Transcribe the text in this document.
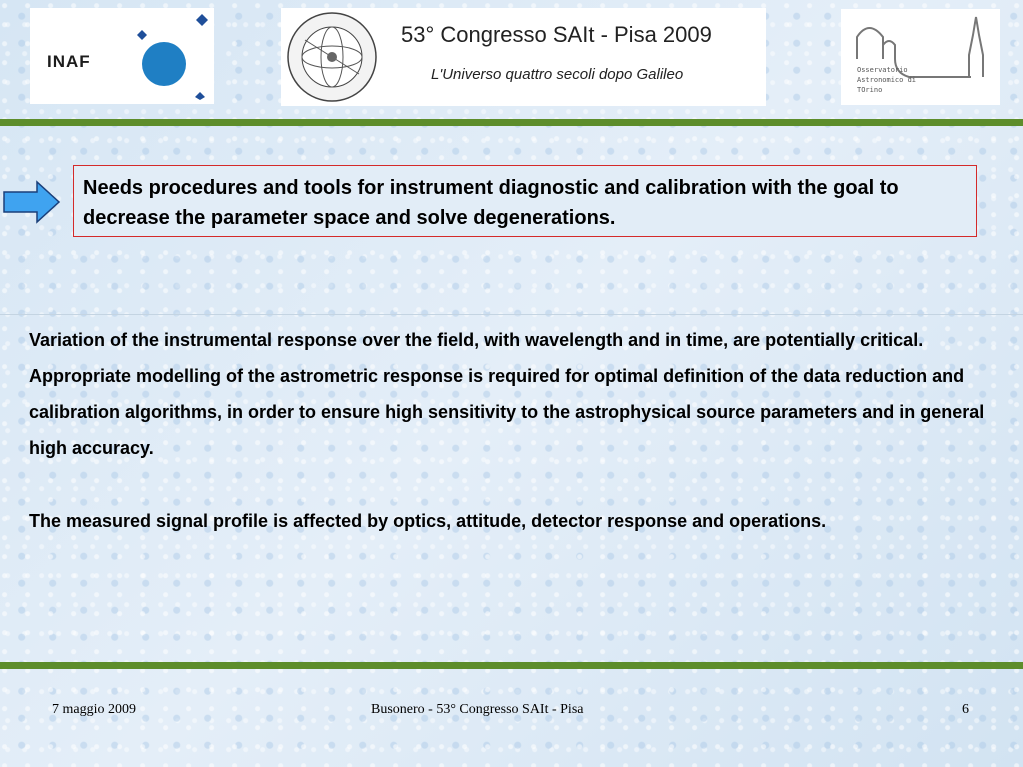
INAF
53° Congresso SAIt - Pisa 2009
L'Universo quattro secoli dopo Galileo	Osservatorio
Astronomico di
TOrino
Needs procedures and tools for instrument diagnostic and calibration with the goal to decrease the parameter space and solve degenerations.
Variation of the instrumental response over the field, with wavelength and in time, are potentially critical. Appropriate modelling of the astrometric response is required for optimal definition of the data reduction and calibration algorithms, in order to ensure high sensitivity to the astrophysical source parameters and in general high accuracy.
The measured signal profile is affected by optics, attitude, detector response and operations.
7 maggio 2009	Busonero - 53° Congresso SAIt - Pisa	6
